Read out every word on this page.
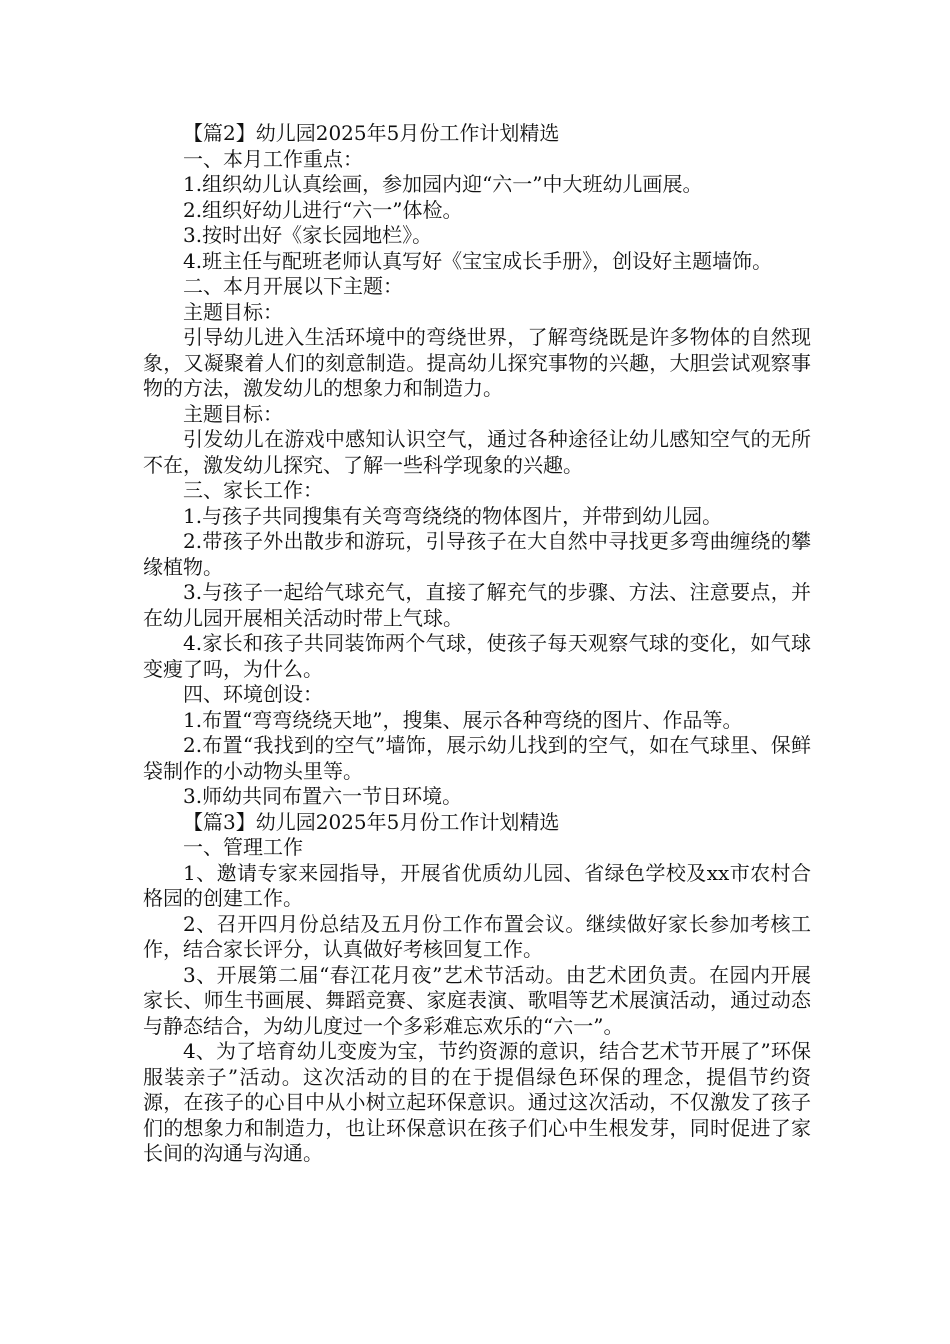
【篇2】幼儿园2025年5月份工作计划精选

一、本月工作重点：

1.组织幼儿认真绘画，参加园内迎“六一”中大班幼儿画展。

2.组织好幼儿进行“六一”体检。

3.按时出好《家长园地栏》。

4.班主任与配班老师认真写好《宝宝成长手册》，创设好主题墙饰。

二、本月开展以下主题：

主题目标：

引导幼儿进入生活环境中的弯绕世界，了解弯绕既是许多物体的自然现象，又凝聚着人们的刻意制造。提高幼儿探究事物的兴趣，大胆尝试观察事物的方法，激发幼儿的想象力和制造力。

主题目标：

引发幼儿在游戏中感知认识空气，通过各种途径让幼儿感知空气的无所不在，激发幼儿探究、了解一些科学现象的兴趣。

三、家长工作：

1.与孩子共同搜集有关弯弯绕绕的物体图片，并带到幼儿园。

2.带孩子外出散步和游玩，引导孩子在大自然中寻找更多弯曲缠绕的攀缘植物。

3.与孩子一起给气球充气，直接了解充气的步骤、方法、注意要点，并在幼儿园开展相关活动时带上气球。

4.家长和孩子共同装饰两个气球，使孩子每天观察气球的变化，如气球变瘦了吗，为什么。

四、环境创设：

1.布置“弯弯绕绕天地”，搜集、展示各种弯绕的图片、作品等。

2.布置“我找到的空气”墙饰，展示幼儿找到的空气，如在气球里、保鲜袋制作的小动物头里等。

3.师幼共同布置六一节日环境。

【篇3】幼儿园2025年5月份工作计划精选

一、管理工作

1、邀请专家来园指导，开展省优质幼儿园、省绿色学校及xx市农村合格园的创建工作。

2、召开四月份总结及五月份工作布置会议。继续做好家长参加考核工作，结合家长评分，认真做好考核回复工作。

3、开展第二届“春江花月夜”艺术节活动。由艺术团负责。在园内开展家长、师生书画展、舞蹈竞赛、家庭表演、歌唱等艺术展演活动，通过动态与静态结合，为幼儿度过一个多彩难忘欢乐的“六一”。

4、为了培育幼儿变废为宝，节约资源的意识，结合艺术节开展了”环保服装亲子”活动。这次活动的目的在于提倡绿色环保的理念，提倡节约资源，在孩子的心目中从小树立起环保意识。通过这次活动，不仅激发了孩子们的想象力和制造力，也让环保意识在孩子们心中生根发芽，同时促进了家长间的沟通与沟通。
